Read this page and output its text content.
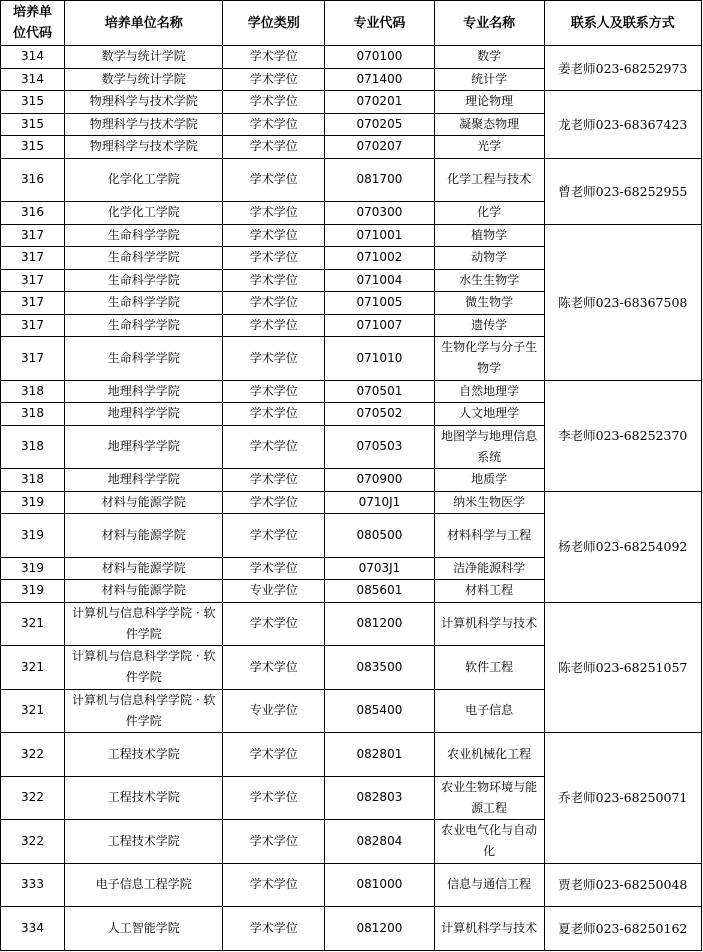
培养单位代码	培养单位名称	学位类别	专业代码	专业名称	联系人及联系方式
314	数学与统计学院	学术学位	070100	数学	姜老师023-68252973
314	数学与统计学院	学术学位	071400	统计学	
315	物理科学与技术学院	学术学位	070201	理论物理	龙老师023-68367423
315	物理科学与技术学院	学术学位	070205	凝聚态物理	
315	物理科学与技术学院	学术学位	070207	光学	
316	化学化工学院	学术学位	081700	化学工程与技术	曾老师023-68252955
316	化学化工学院	学术学位	070300	化学	
317	生命科学学院	学术学位	071001	植物学	陈老师023-68367508
317	生命科学学院	学术学位	071002	动物学	
317	生命科学学院	学术学位	071004	水生生物学	
317	生命科学学院	学术学位	071005	微生物学	
317	生命科学学院	学术学位	071007	遗传学	
317	生命科学学院	学术学位	071010	生物化学与分子生物学	
318	地理科学学院	学术学位	070501	自然地理学	李老师023-68252370
318	地理科学学院	学术学位	070502	人文地理学	
318	地理科学学院	学术学位	070503	地图学与地理信息系统	
318	地理科学学院	学术学位	070900	地质学	
319	材料与能源学院	学术学位	0710J1	纳米生物医学	杨老师023-68254092
319	材料与能源学院	学术学位	080500	材料科学与工程	
319	材料与能源学院	学术学位	0703J1	洁净能源科学	
319	材料与能源学院	专业学位	085601	材料工程	
321	计算机与信息科学学院 · 软件学院	学术学位	081200	计算机科学与技术	陈老师023-68251057
321	计算机与信息科学学院 · 软件学院	学术学位	083500	软件工程	
321	计算机与信息科学学院 · 软件学院	专业学位	085400	电子信息	
322	工程技术学院	学术学位	082801	农业机械化工程	乔老师023-68250071
322	工程技术学院	学术学位	082803	农业生物环境与能源工程	
322	工程技术学院	学术学位	082804	农业电气化与自动化	
333	电子信息工程学院	学术学位	081000	信息与通信工程	贾老师023-68250048
334	人工智能学院	学术学位	081200	计算机科学与技术	夏老师023-68250162
